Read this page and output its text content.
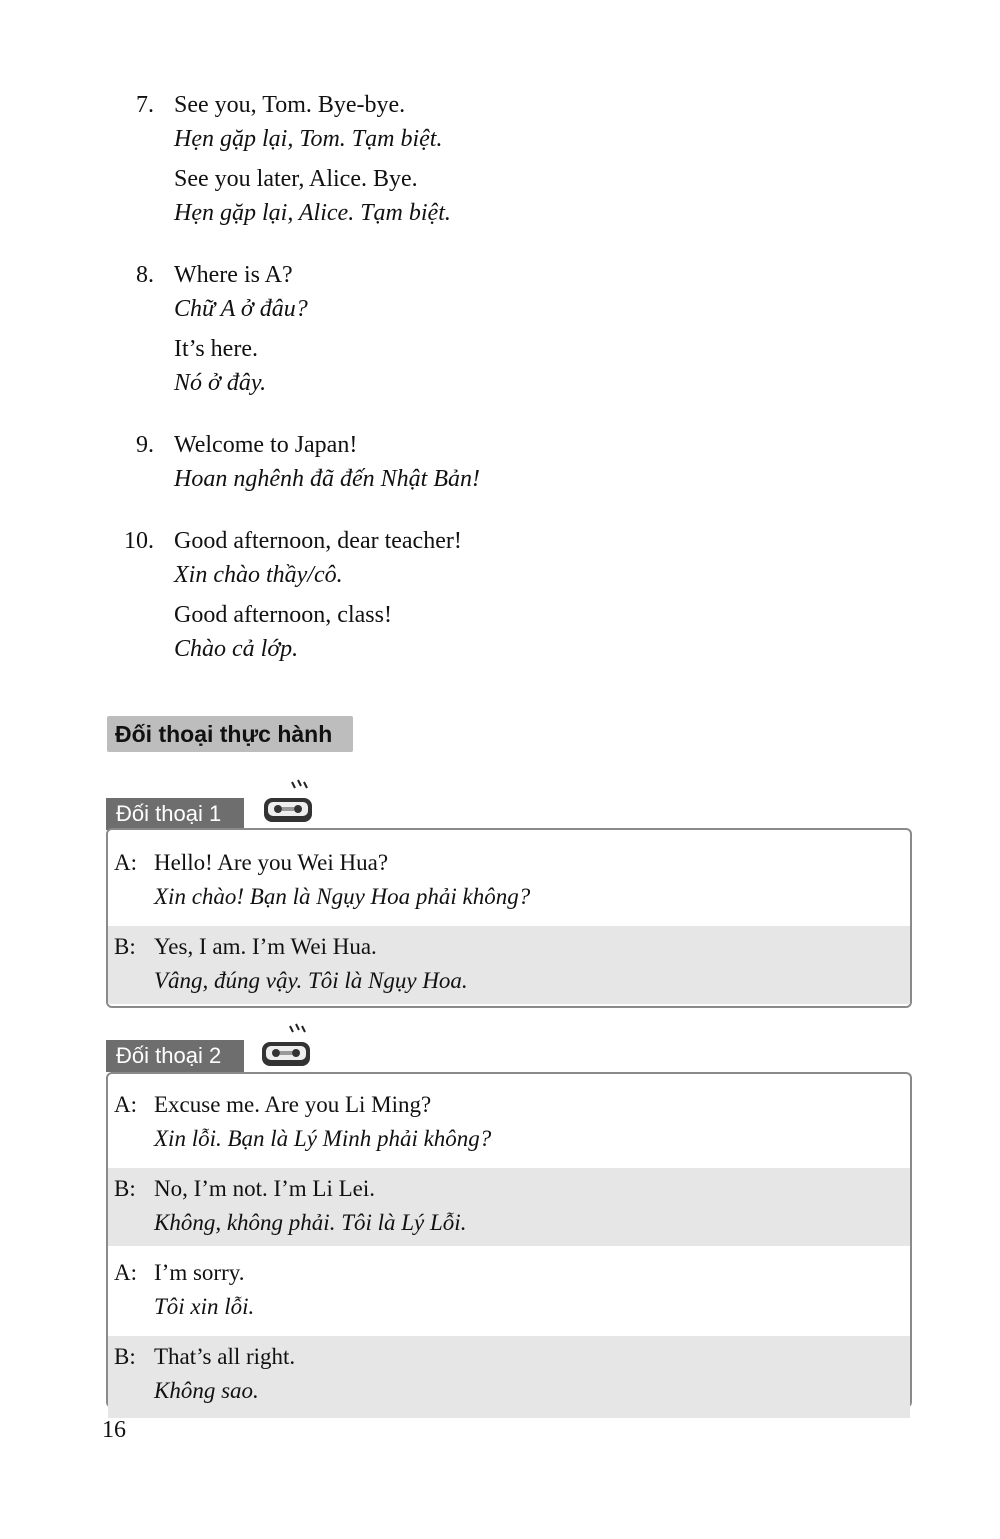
7. See you, Tom. Bye-bye.
Hẹn gặp lại, Tom. Tạm biệt.
See you later, Alice. Bye.
Hẹn gặp lại, Alice. Tạm biệt.
8. Where is A?
Chữ A ở đâu?
It’s here.
Nó ở đây.
9. Welcome to Japan!
Hoan nghênh đã đến Nhật Bản!
10. Good afternoon, dear teacher!
Xin chào thầy/cô.
Good afternoon, class!
Chào cả lớp.
Đối thoại thực hành
Đối thoại 1
A: Hello! Are you Wei Hua?
Xin chào! Bạn là Ngụy Hoa phải không?
B: Yes, I am. I’m Wei Hua.
Vâng, đúng vậy. Tôi là Ngụy Hoa.
Đối thoại 2
A: Excuse me. Are you Li Ming?
Xin lỗi. Bạn là Lý Minh phải không?
B: No, I’m not. I’m Li Lei.
Không, không phải. Tôi là Lý Lỗi.
A: I’m sorry.
Tôi xin lỗi.
B: That’s all right.
Không sao.
16
